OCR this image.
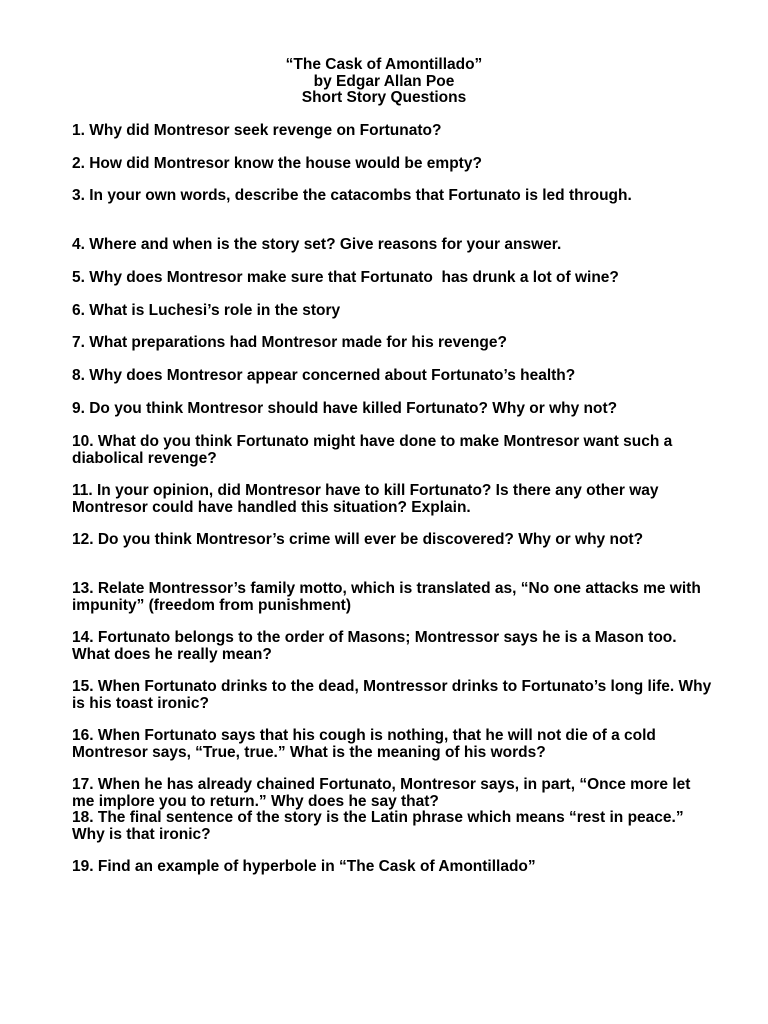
“The Cask of Amontillado”
by Edgar Allan Poe
Short Story Questions
1. Why did Montresor seek revenge on Fortunato?
2. How did Montresor know the house would be empty?
3. In your own words, describe the catacombs that Fortunato is led through.
4. Where and when is the story set? Give reasons for your answer.
5. Why does Montresor make sure that Fortunato  has drunk a lot of wine?
6. What is Luchesi’s role in the story
7. What preparations had Montresor made for his revenge?
8. Why does Montresor appear concerned about Fortunato’s health?
9. Do you think Montresor should have killed Fortunato? Why or why not?
10. What do you think Fortunato might have done to make Montresor want such a diabolical revenge?
11. In your opinion, did Montresor have to kill Fortunato? Is there any other way Montresor could have handled this situation? Explain.
12. Do you think Montresor’s crime will ever be discovered? Why or why not?
13. Relate Montressor’s family motto, which is translated as, “No one attacks me with impunity” (freedom from punishment)
14. Fortunato belongs to the order of Masons; Montressor says he is a Mason too. What does he really mean?
15. When Fortunato drinks to the dead, Montressor drinks to Fortunato’s long life. Why is his toast ironic?
16. When Fortunato says that his cough is nothing, that he will not die of a cold Montresor says, “True, true.” What is the meaning of his words?
17. When he has already chained Fortunato, Montresor says, in part, “Once more let me implore you to return.” Why does he say that?
18. The final sentence of the story is the Latin phrase which means “rest in peace.” Why is that ironic?
19. Find an example of hyperbole in “The Cask of Amontillado”
